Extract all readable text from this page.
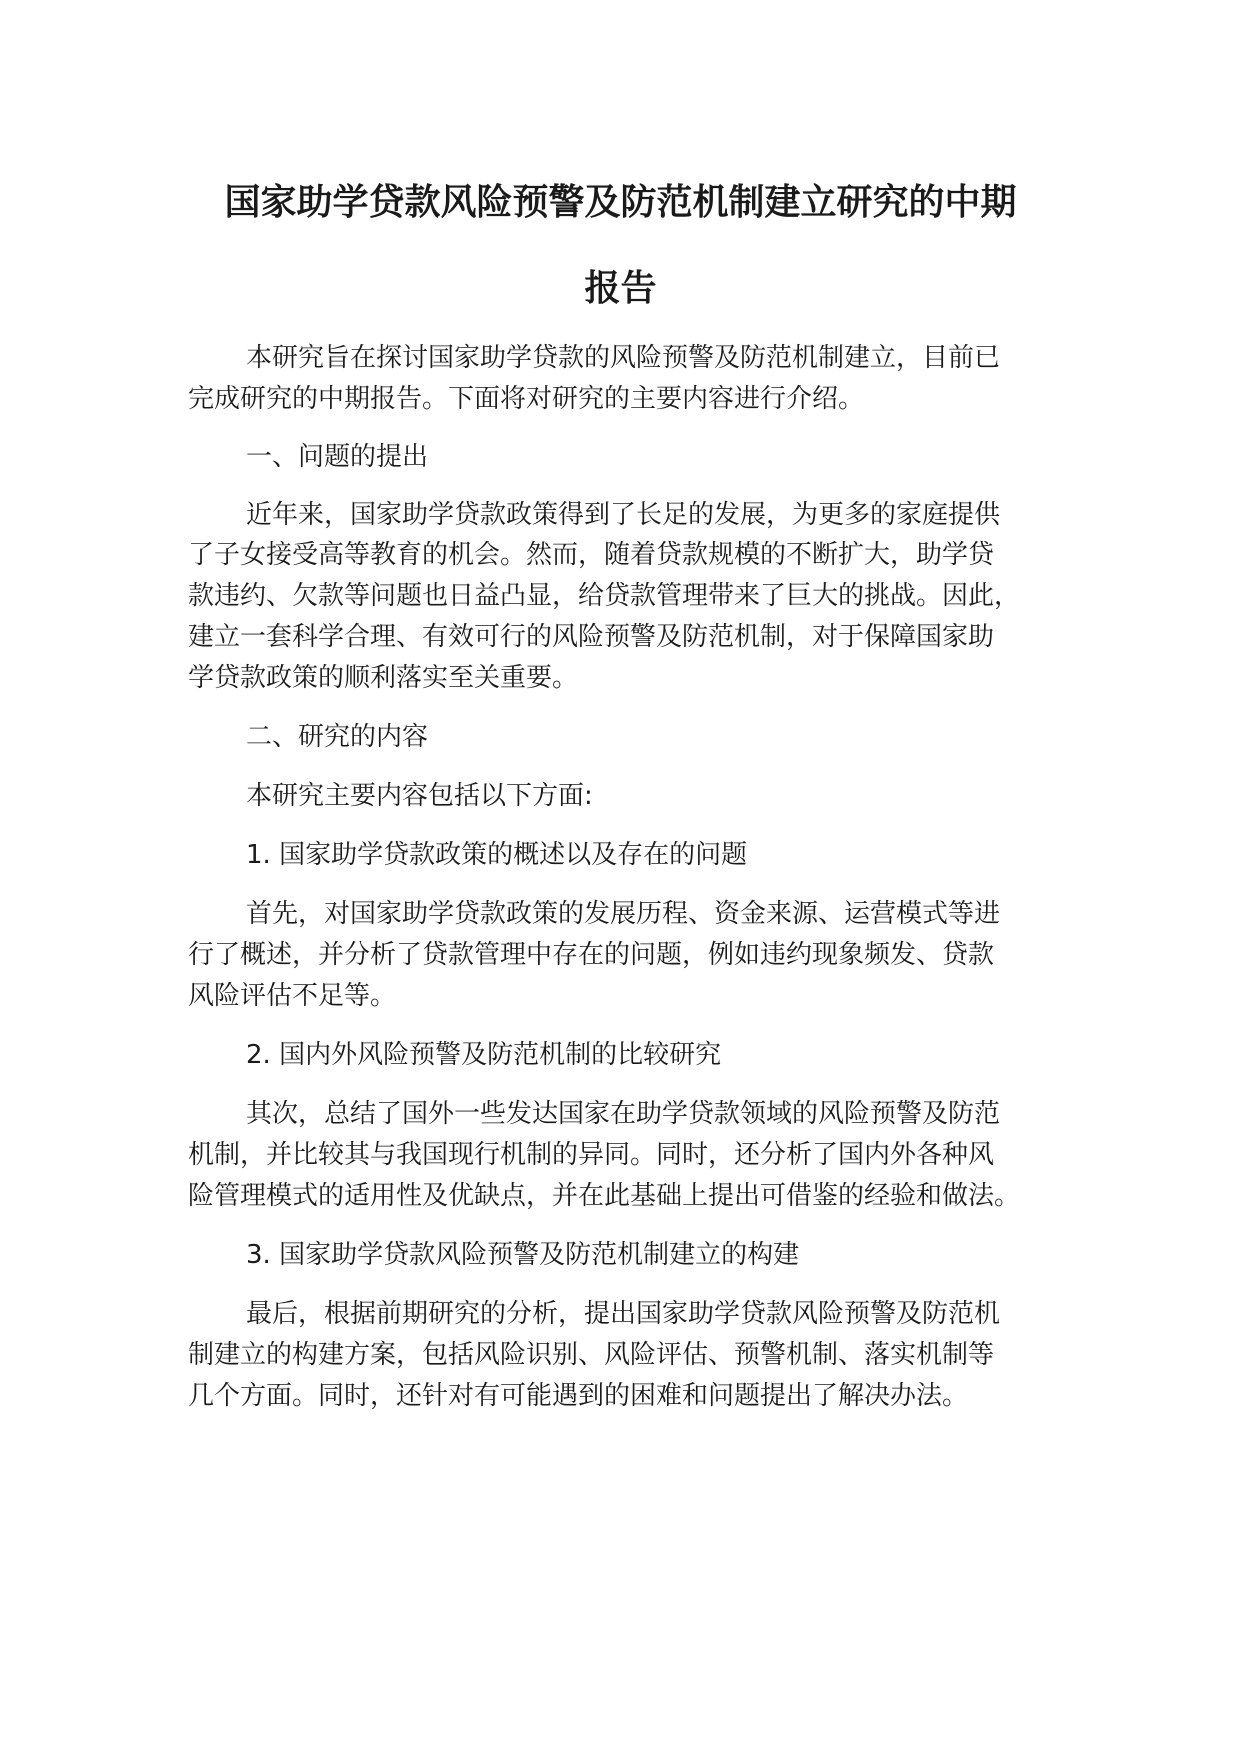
国家助学贷款风险预警及防范机制建立研究的中期
报告

本研究旨在探讨国家助学贷款的风险预警及防范机制建立，目前已

完成研究的中期报告。下面将对研究的主要内容进行介绍。

一、问题的提出

近年来，国家助学贷款政策得到了长足的发展，为更多的家庭提供

了子女接受高等教育的机会。然而，随着贷款规模的不断扩大，助学贷

款违约、欠款等问题也日益凸显，给贷款管理带来了巨大的挑战。因此，

建立一套科学合理、有效可行的风险预警及防范机制，对于保障国家助

学贷款政策的顺利落实至关重要。

二、研究的内容

本研究主要内容包括以下方面:

1. 国家助学贷款政策的概述以及存在的问题

首先，对国家助学贷款政策的发展历程、资金来源、运营模式等进

行了概述，并分析了贷款管理中存在的问题，例如违约现象频发、贷款

风险评估不足等。

2. 国内外风险预警及防范机制的比较研究

其次，总结了国外一些发达国家在助学贷款领域的风险预警及防范

机制，并比较其与我国现行机制的异同。同时，还分析了国内外各种风

险管理模式的适用性及优缺点，并在此基础上提出可借鉴的经验和做法。

3. 国家助学贷款风险预警及防范机制建立的构建

最后，根据前期研究的分析，提出国家助学贷款风险预警及防范机

制建立的构建方案，包括风险识别、风险评估、预警机制、落实机制等

几个方面。同时，还针对有可能遇到的困难和问题提出了解决办法。
